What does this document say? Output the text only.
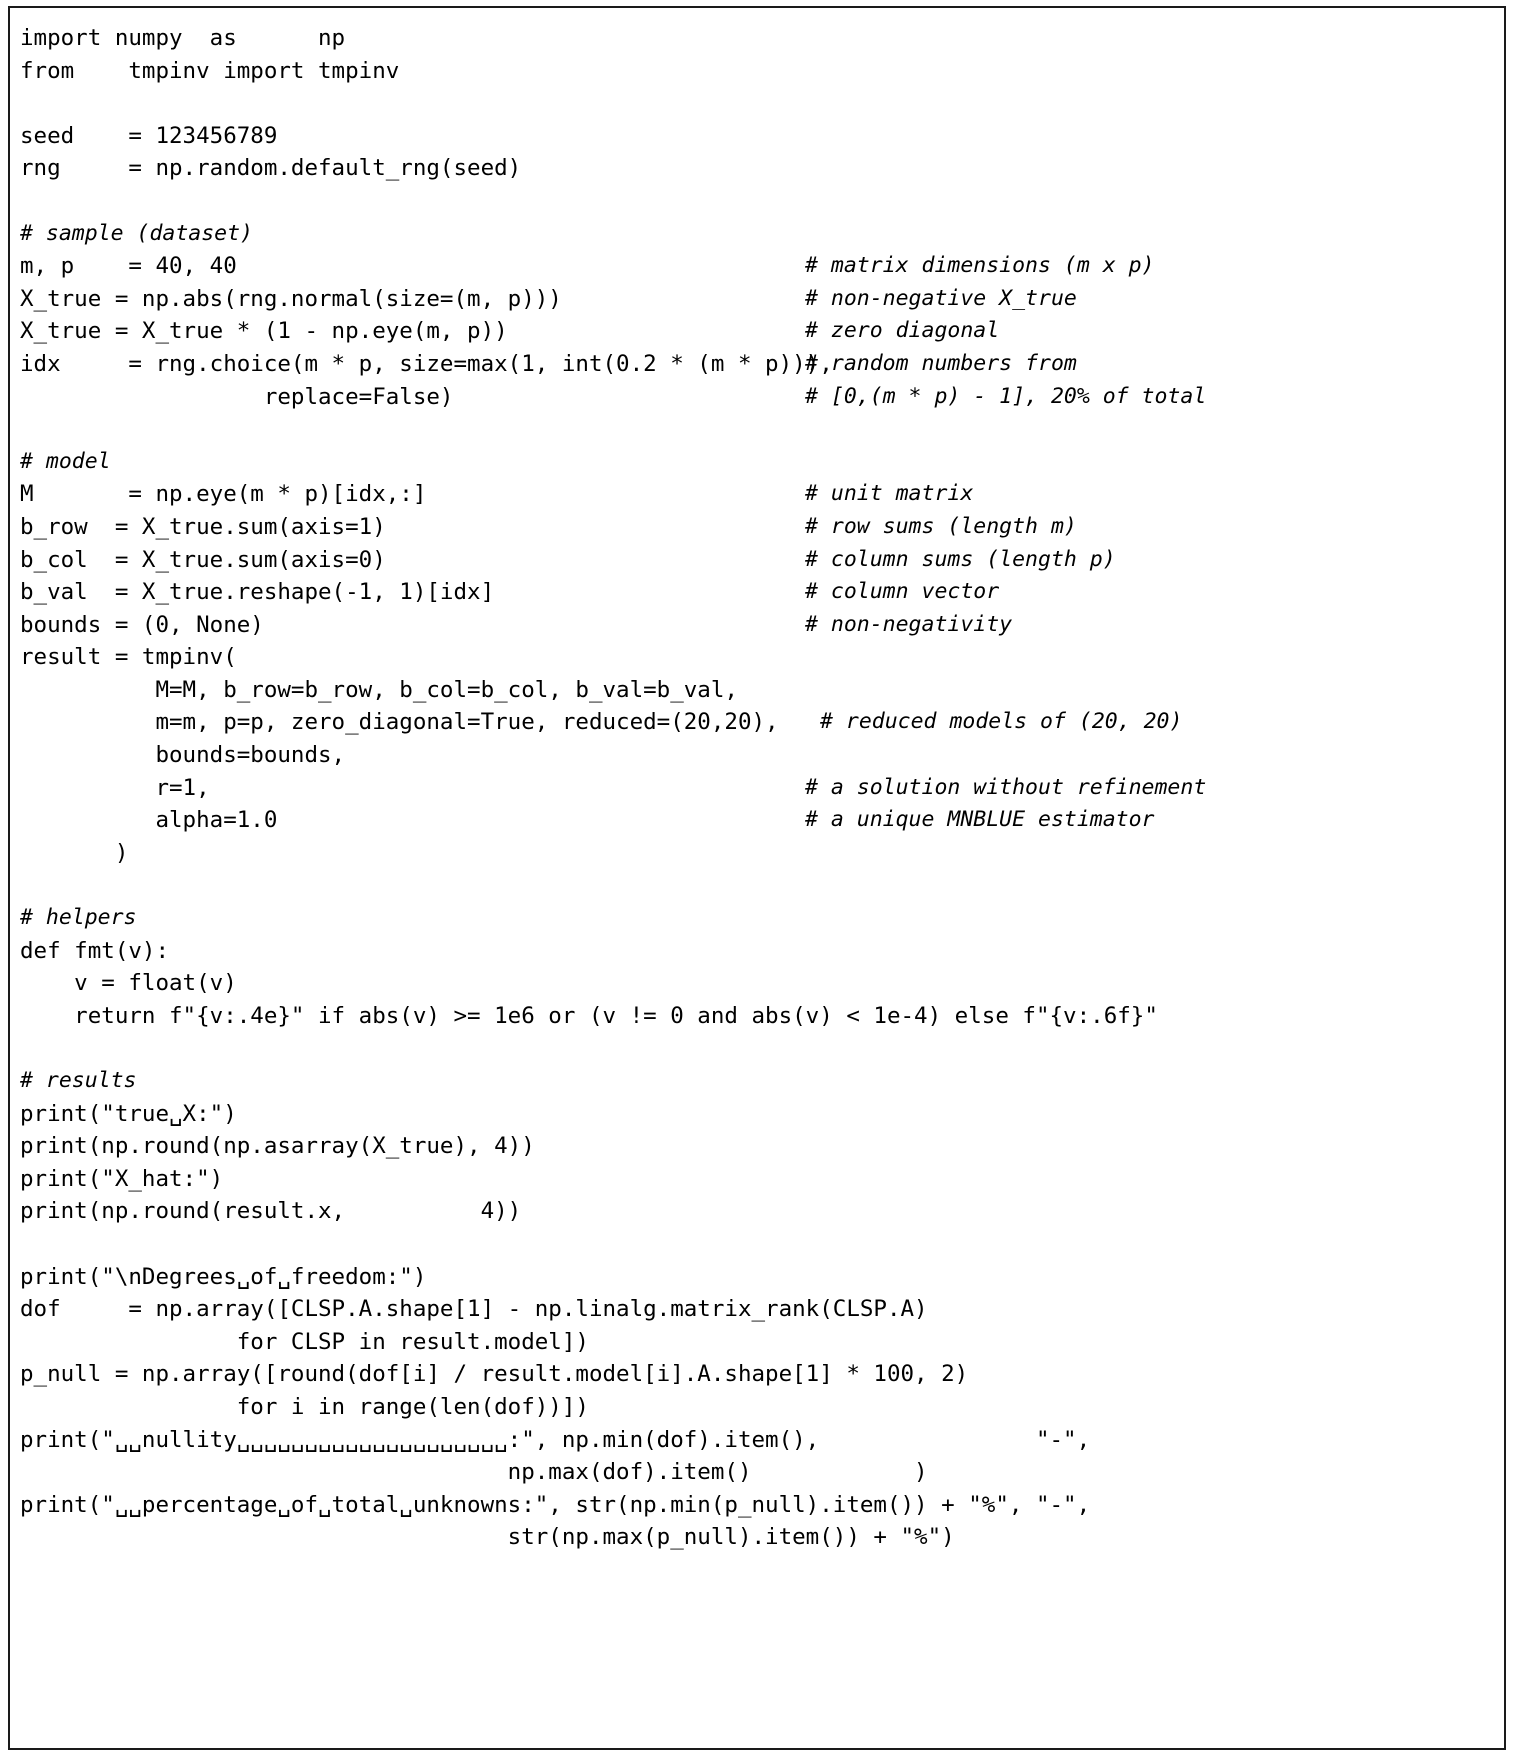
import numpy  as      np
from    tmpinv import tmpinv

seed    = 123456789
rng     = np.random.default_rng(seed)

# sample (dataset)
m, p    = 40, 40	# matrix dimensions (m x p)
X_true = np.abs(rng.normal(size=(m, p)))	# non-negative X_true
X_true = X_true * (1 - np.eye(m, p))	# zero diagonal
idx     = rng.choice(m * p, size=max(1, int(0.2 * (m * p))),
# random numbers from
replace=False)	# [0,(m * p) - 1], 20% of total

# model
M       = np.eye(m * p)[idx,:]	# unit matrix
b_row  = X_true.sum(axis=1)	# row sums (length m)
b_col  = X_true.sum(axis=0)	# column sums (length p)
b_val  = X_true.reshape(-1, 1)[idx]	# column vector
bounds = (0, None)	# non-negativity
result = tmpinv(
M=M, b_row=b_row, b_col=b_col, b_val=b_val,
m=m, p=p, zero_diagonal=True, reduced=(20,20), # reduced models of (20, 20)
bounds=bounds,
r=1,	# a solution without refinement
alpha=1.0	# a unique MNBLUE estimator
)

# helpers
def fmt(v):
v = float(v)
return f"{v:.4e}" if abs(v) >= 1e6 or (v != 0 and abs(v) < 1e-4) else f"{v:.6f}"

# results
print("true␣X:")
print(np.round(np.asarray(X_true), 4))
print("X_hat:")
print(np.round(result.x,          4))

print("\nDegrees␣of␣freedom:")
dof     = np.array([CLSP.A.shape[1] - np.linalg.matrix_rank(CLSP.A)
for CLSP in result.model])
p_null = np.array([round(dof[i] / result.model[i].A.shape[1] * 100, 2)
for i in range(len(dof))])
print("␣␣nullity␣␣␣␣␣␣␣␣␣␣␣␣␣␣␣␣␣␣␣␣:", np.min(dof).item(),                "-",
np.max(dof).item()            )
print("␣␣percentage␣of␣total␣unknowns:", str(np.min(p_null).item()) + "%", "-",
str(np.max(p_null).item()) + "%")
